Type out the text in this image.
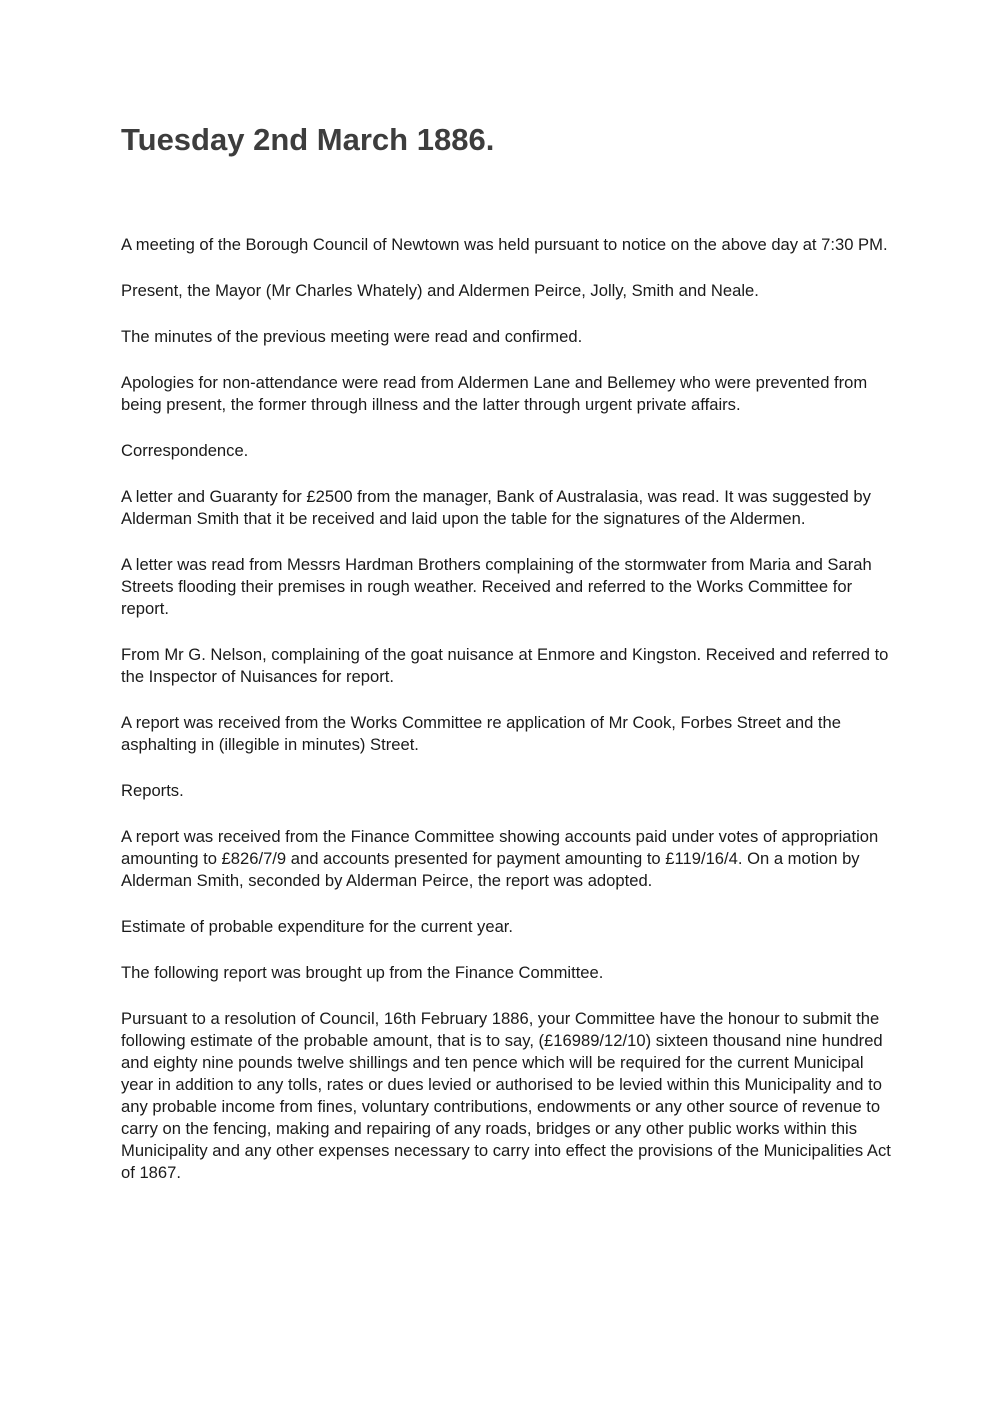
Tuesday 2nd March 1886.

A meeting of the Borough Council of Newtown was held pursuant to notice on the above day at 7:30 PM.

Present, the Mayor (Mr Charles Whately) and Aldermen Peirce, Jolly, Smith and Neale.

The minutes of the previous meeting were read and confirmed.

Apologies for non-attendance were read from Aldermen Lane and Bellemey who were prevented from being present, the former through illness and the latter through urgent private affairs.

Correspondence.

A letter and Guaranty for £2500 from the manager, Bank of Australasia, was read. It was suggested by Alderman Smith that it be received and laid upon the table for the signatures of the Aldermen.

A letter was read from Messrs Hardman Brothers complaining of the stormwater from Maria and Sarah Streets flooding their premises in rough weather. Received and referred to the Works Committee for report.

From Mr G. Nelson, complaining of the goat nuisance at Enmore and Kingston. Received and referred to the Inspector of Nuisances for report.

A report was received from the Works Committee re application of Mr Cook, Forbes Street and the asphalting in (illegible in minutes) Street.

Reports.

A report was received from the Finance Committee showing accounts paid under votes of appropriation amounting to £826/7/9 and accounts presented for payment amounting to £119/16/4. On a motion by Alderman Smith, seconded by Alderman Peirce, the report was adopted.

Estimate of probable expenditure for the current year.

The following report was brought up from the Finance Committee.

Pursuant to a resolution of Council, 16th February 1886, your Committee have the honour to submit the following estimate of the probable amount, that is to say, (£16989/12/10) sixteen thousand nine hundred and eighty nine pounds twelve shillings and ten pence which will be required for the current Municipal year in addition to any tolls, rates or dues levied or authorised to be levied within this Municipality and to any probable income from fines, voluntary contributions, endowments or any other source of revenue to carry on the fencing, making and repairing of any roads, bridges or any other public works within this Municipality and any other expenses necessary to carry into effect the provisions of the Municipalities Act of 1867.
